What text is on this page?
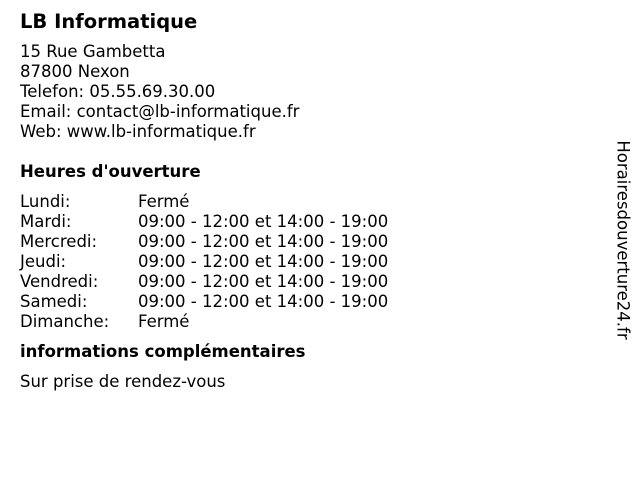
LB Informatique
15 Rue Gambetta
87800 Nexon
Telefon: 05.55.69.30.00
Email: contact@lb-informatique.fr
Web: www.lb-informatique.fr
Heures d'ouverture
Lundi:	Fermé
Mardi:	09:00 - 12:00 et 14:00 - 19:00
Mercredi:	09:00 - 12:00 et 14:00 - 19:00
Jeudi:	09:00 - 12:00 et 14:00 - 19:00
Vendredi:	09:00 - 12:00 et 14:00 - 19:00
Samedi:	09:00 - 12:00 et 14:00 - 19:00
Dimanche:	Fermé
informations complémentaires
Sur prise de rendez-vous
Horairesdouverture24.fr
